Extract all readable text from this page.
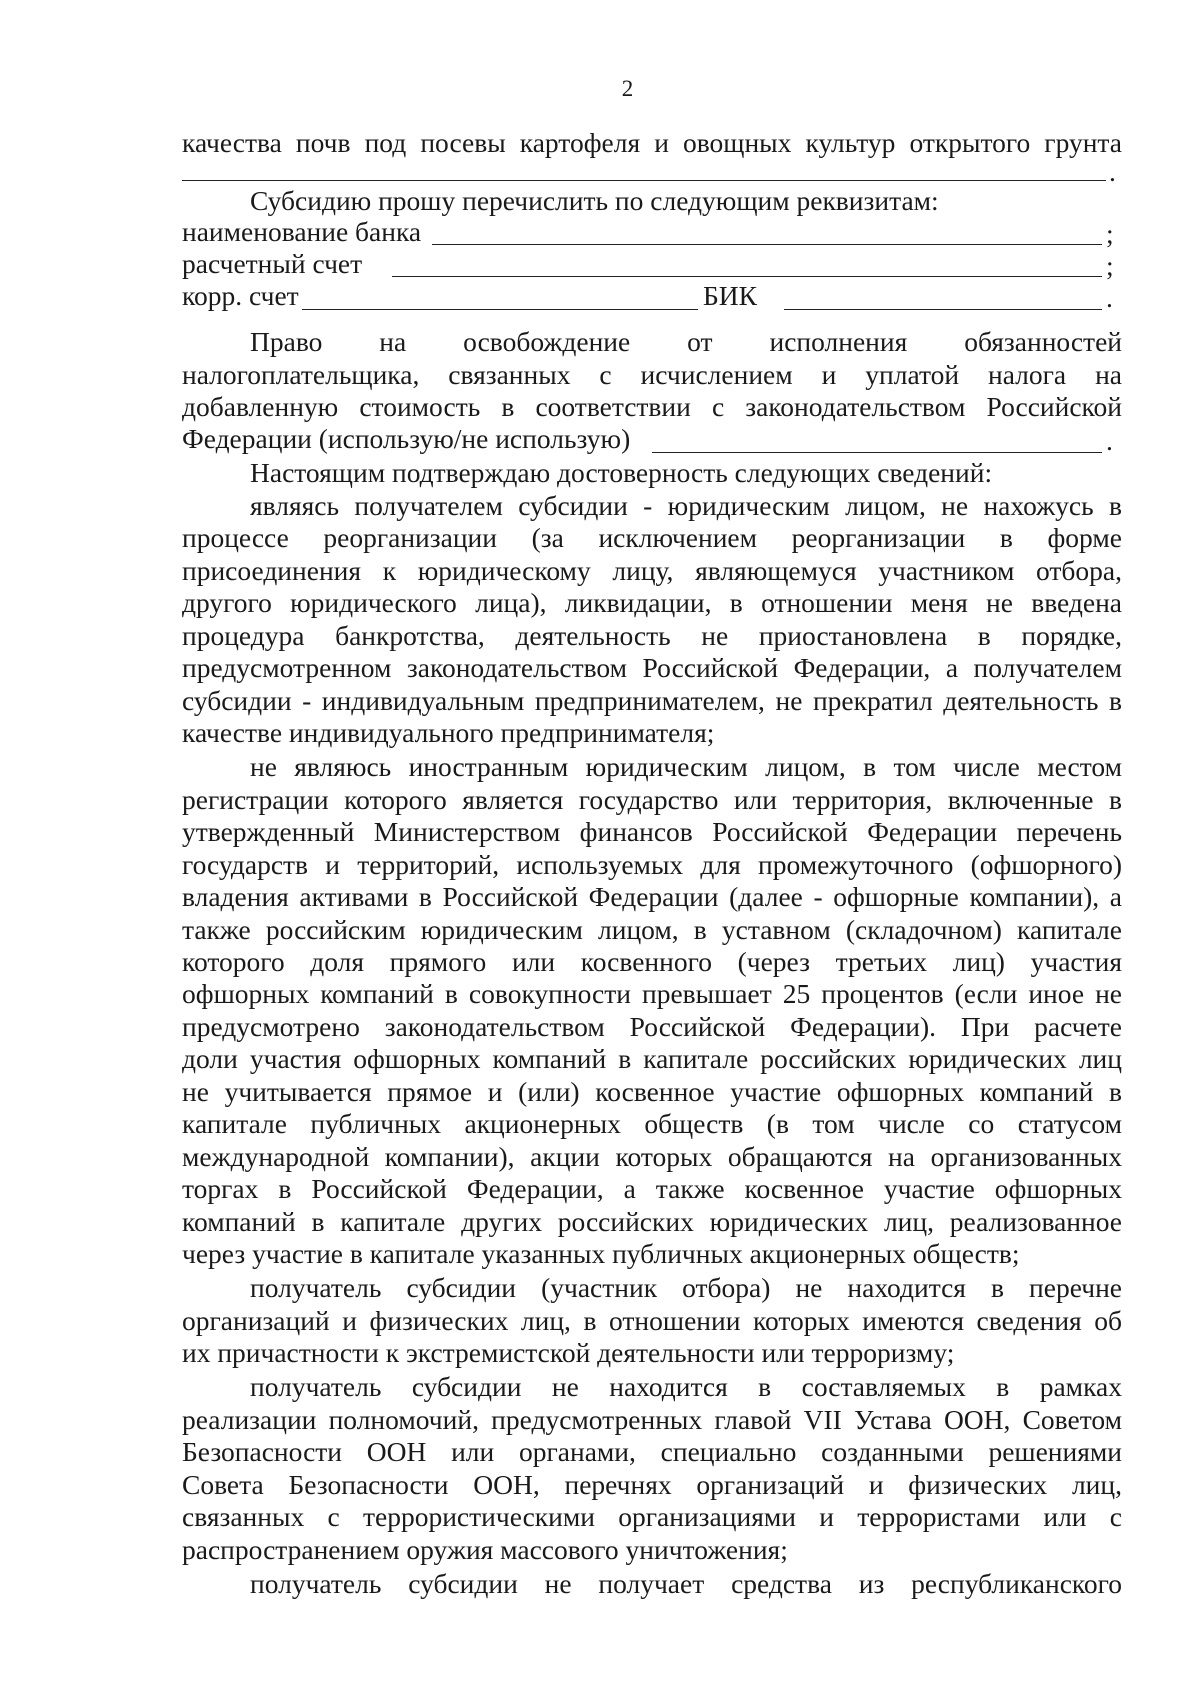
2
качества почв под посевы картофеля и овощных культур открытого грунта
.
Субсидию прошу перечислить по следующим реквизитам:
наименование банка	;
расчетный счет	;
корр. счет	БИК	.
Право на освобождение от исполнения обязанностей
налогоплательщика, связанных с исчислением и уплатой налога на
добавленную стоимость в соответствии с законодательством Российской
Федерации (использую/не использую)	.
Настоящим подтверждаю достоверность следующих сведений:
являясь получателем субсидии - юридическим лицом, не нахожусь в
процессе реорганизации (за исключением реорганизации в форме
присоединения к юридическому лицу, являющемуся участником отбора,
другого юридического лица), ликвидации, в отношении меня не введена
процедура банкротства, деятельность не приостановлена в порядке,
предусмотренном законодательством Российской Федерации, а получателем
субсидии - индивидуальным предпринимателем, не прекратил деятельность в
качестве индивидуального предпринимателя;
не являюсь иностранным юридическим лицом, в том числе местом
регистрации которого является государство или территория, включенные в
утвержденный Министерством финансов Российской Федерации перечень
государств и территорий, используемых для промежуточного (офшорного)
владения активами в Российской Федерации (далее - офшорные компании), а
также российским юридическим лицом, в уставном (складочном) капитале
которого доля прямого или косвенного (через третьих лиц) участия
офшорных компаний в совокупности превышает 25 процентов (если иное не
предусмотрено законодательством Российской Федерации). При расчете
доли участия офшорных компаний в капитале российских юридических лиц
не учитывается прямое и (или) косвенное участие офшорных компаний в
капитале публичных акционерных обществ (в том числе со статусом
международной компании), акции которых обращаются на организованных
торгах в Российской Федерации, а также косвенное участие офшорных
компаний в капитале других российских юридических лиц, реализованное
через участие в капитале указанных публичных акционерных обществ;
получатель субсидии (участник отбора) не находится в перечне
организаций и физических лиц, в отношении которых имеются сведения об
их причастности к экстремистской деятельности или терроризму;
получатель субсидии не находится в составляемых в рамках
реализации полномочий, предусмотренных главой VII Устава ООН, Советом
Безопасности ООН или органами, специально созданными решениями
Совета Безопасности ООН, перечнях организаций и физических лиц,
связанных с террористическими организациями и террористами или с
распространением оружия массового уничтожения;
получатель субсидии не получает средства из республиканского
